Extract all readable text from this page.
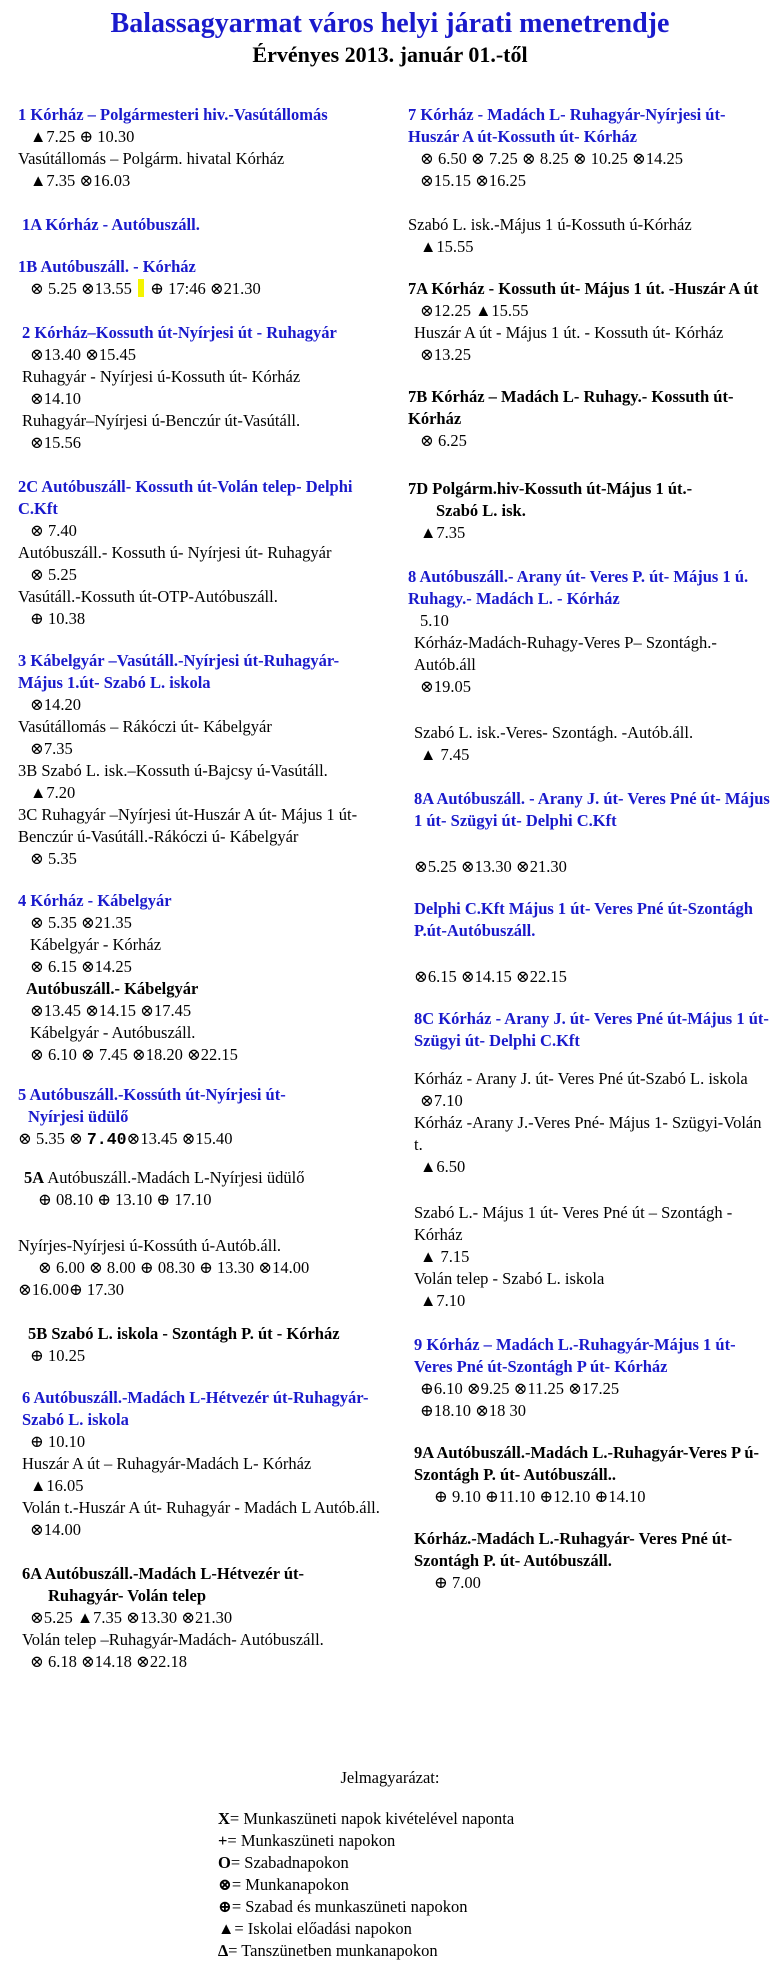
Balassagyarmat város helyi járati menetrendje
Érvényes 2013. január 01.-től

1 Kórház – Polgármesteri hiv.-Vasútállomás

▲7.25 ⊕ 10.30

Vasútállomás – Polgárm. hivatal Kórház

▲7.35 ⊗16.03

1A Kórház - Autóbuszáll.

1B Autóbuszáll. - Kórház

⊗ 5.25 ⊗13.55  ⊕ 17:46 ⊗21.30

2 Kórház–Kossuth út-Nyírjesi út - Ruhagyár

⊗13.40 ⊗15.45

Ruhagyár - Nyírjesi ú-Kossuth út- Kórház

⊗14.10

Ruhagyár–Nyírjesi ú-Benczúr út-Vasútáll.

⊗15.56

2C Autóbuszáll- Kossuth út-Volán telep- Delphi C.Kft

⊗ 7.40

Autóbuszáll.- Kossuth ú- Nyírjesi út- Ruhagyár

⊗ 5.25

Vasútáll.-Kossuth út-OTP-Autóbuszáll.

⊕ 10.38

3 Kábelgyár –Vasútáll.-Nyírjesi út-Ruhagyár- Május 1.út- Szabó L. iskola

⊗14.20

Vasútállomás – Rákóczi út- Kábelgyár

⊗7.35

3B Szabó L. isk.–Kossuth ú-Bajcsy ú-Vasútáll.

▲7.20

3C Ruhagyár –Nyírjesi út-Huszár A út- Május 1 út-Benczúr ú-Vasútáll.-Rákóczi ú- Kábelgyár

⊗ 5.35

4 Kórház - Kábelgyár

⊗ 5.35 ⊗21.35

Kábelgyár - Kórház

⊗ 6.15 ⊗14.25

Autóbuszáll.- Kábelgyár

⊗13.45 ⊗14.15 ⊗17.45

Kábelgyár - Autóbuszáll.

⊗ 6.10 ⊗ 7.45 ⊗18.20 ⊗22.15

5 Autóbuszáll.-Kossúth út-Nyírjesi út-

Nyírjesi üdülő

⊗ 5.35 ⊗ 7.40⊗13.45 ⊗15.40

5A Autóbuszáll.-Madách L-Nyírjesi üdülő

⊕ 08.10 ⊕ 13.10 ⊕ 17.10

Nyírjes-Nyírjesi ú-Kossúth ú-Autób.áll.

⊗ 6.00 ⊗ 8.00 ⊕ 08.30 ⊕ 13.30 ⊗14.00

⊗16.00⊕ 17.30

5B Szabó L. iskola - Szontágh P. út - Kórház

⊕ 10.25

6 Autóbuszáll.-Madách L-Hétvezér út-Ruhagyár-Szabó L. iskola

⊕ 10.10

Huszár A út – Ruhagyár-Madách L- Kórház

▲16.05

Volán t.-Huszár A út- Ruhagyár - Madách L Autób.áll.

⊗14.00

6A Autóbuszáll.-Madách L-Hétvezér út-

Ruhagyár- Volán telep

⊗5.25 ▲7.35 ⊗13.30 ⊗21.30

Volán telep –Ruhagyár-Madách- Autóbuszáll.

⊗ 6.18 ⊗14.18 ⊗22.18

7 Kórház - Madách L- Ruhagyár-Nyírjesi út-Huszár A út-Kossuth út- Kórház

⊗ 6.50 ⊗ 7.25 ⊗ 8.25 ⊗ 10.25 ⊗14.25

⊗15.15 ⊗16.25

Szabó L. isk.-Május 1 ú-Kossuth ú-Kórház

▲15.55

7A Kórház - Kossuth út- Május 1 út. -Huszár A út

⊗12.25 ▲15.55

Huszár A út - Május 1 út. - Kossuth út- Kórház

⊗13.25

7B Kórház – Madách L- Ruhagy.- Kossuth út- Kórház

⊗ 6.25

7D Polgárm.hiv-Kossuth út-Május 1 út.-

Szabó L. isk.

▲7.35

8 Autóbuszáll.- Arany út- Veres P. út- Május 1 ú. Ruhagy.- Madách L. - Kórház

5.10

Kórház-Madách-Ruhagy-Veres P– Szontágh.-Autób.áll

⊗19.05

Szabó L. isk.-Veres- Szontágh. -Autób.áll.

▲ 7.45

8A Autóbuszáll. - Arany J. út- Veres Pné út- Május 1 út- Szügyi út- Delphi C.Kft

⊗5.25 ⊗13.30 ⊗21.30

Delphi C.Kft Május 1 út- Veres Pné út-Szontágh P.út-Autóbuszáll.

⊗6.15 ⊗14.15 ⊗22.15

8C Kórház - Arany J. út- Veres Pné út-Május 1 út- Szügyi út- Delphi C.Kft

Kórház - Arany J. út- Veres Pné út-Szabó L. iskola

⊗7.10

Kórház -Arany J.-Veres Pné- Május 1- Szügyi-Volán t.

▲6.50

Szabó L.- Május 1 út- Veres Pné út – Szontágh -Kórház

▲ 7.15

Volán telep - Szabó L. iskola

▲7.10

9 Kórház – Madách L.-Ruhagyár-Május 1 út- Veres Pné út-Szontágh P út- Kórház

⊕6.10 ⊗9.25 ⊗11.25 ⊗17.25

⊕18.10 ⊗18 30

9A Autóbuszáll.-Madách L.-Ruhagyár-Veres P ú- Szontágh P. út- Autóbuszáll..

⊕ 9.10 ⊕11.10 ⊕12.10 ⊕14.10

Kórház.-Madách L.-Ruhagyár- Veres Pné út- Szontágh P. út- Autóbuszáll.

⊕ 7.00

Jelmagyarázat:
X= Munkaszüneti napok kivételével naponta
+= Munkaszüneti napokon
O= Szabadnapokon
⊗= Munkanapokon
⊕= Szabad és munkaszüneti napokon
▲= Iskolai előadási napokon
∆= Tanszünetben munkanapokon
